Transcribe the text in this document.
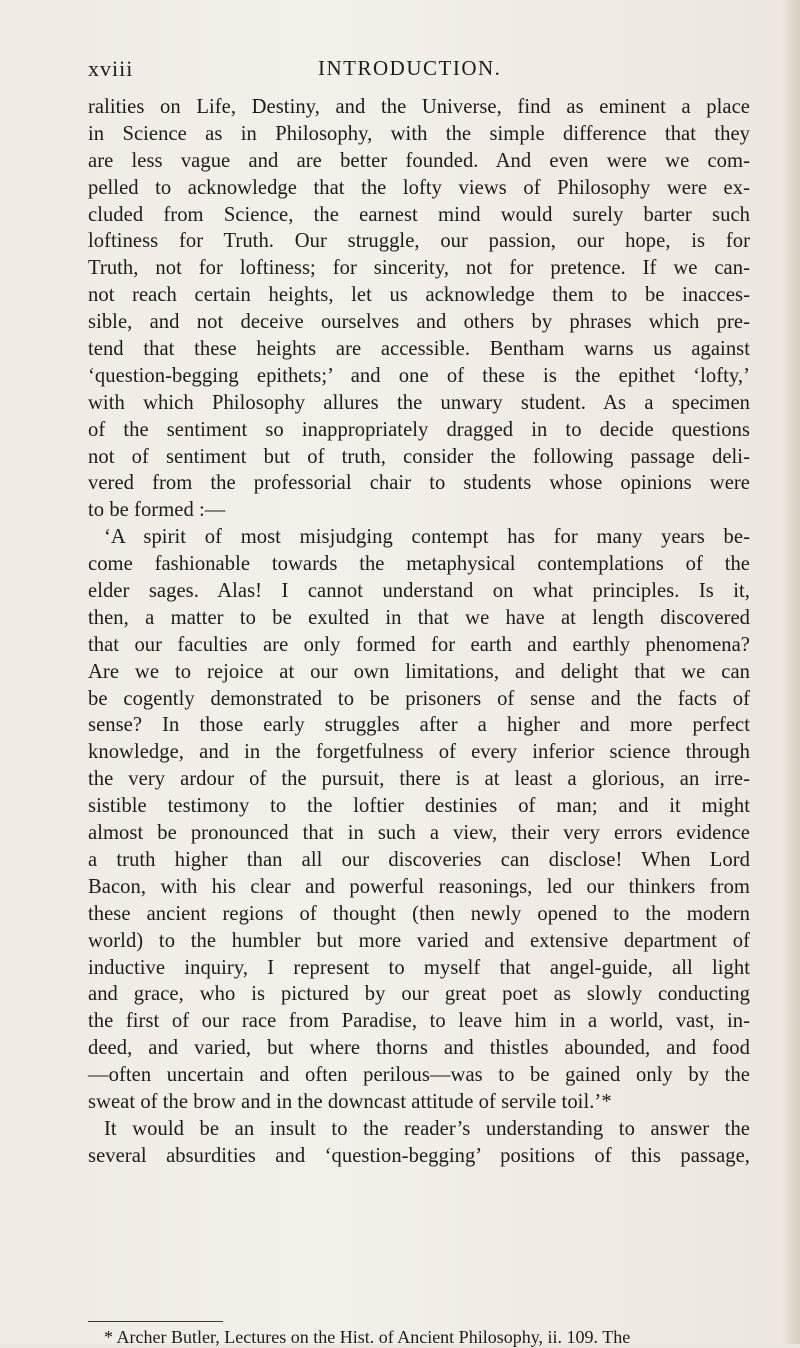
xviii	INTRODUCTION.
ralities on Life, Destiny, and the Universe, find as eminent a place
in Science as in Philosophy, with the simple difference that they
are less vague and are better founded. And even were we com-
pelled to acknowledge that the lofty views of Philosophy were ex-
cluded from Science, the earnest mind would surely barter such
loftiness for Truth. Our struggle, our passion, our hope, is for
Truth, not for loftiness; for sincerity, not for pretence. If we can-
not reach certain heights, let us acknowledge them to be inacces-
sible, and not deceive ourselves and others by phrases which pre-
tend that these heights are accessible. Bentham warns us against
‘question-begging epithets;’ and one of these is the epithet ‘lofty,’
with which Philosophy allures the unwary student. As a specimen
of the sentiment so inappropriately dragged in to decide questions
not of sentiment but of truth, consider the following passage deli-
vered from the professorial chair to students whose opinions were
to be formed :—
‘A spirit of most misjudging contempt has for many years be-
come fashionable towards the metaphysical contemplations of the
elder sages. Alas! I cannot understand on what principles. Is it,
then, a matter to be exulted in that we have at length discovered
that our faculties are only formed for earth and earthly phenomena?
Are we to rejoice at our own limitations, and delight that we can
be cogently demonstrated to be prisoners of sense and the facts of
sense? In those early struggles after a higher and more perfect
knowledge, and in the forgetfulness of every inferior science through
the very ardour of the pursuit, there is at least a glorious, an irre-
sistible testimony to the loftier destinies of man; and it might
almost be pronounced that in such a view, their very errors evidence
a truth higher than all our discoveries can disclose! When Lord
Bacon, with his clear and powerful reasonings, led our thinkers from
these ancient regions of thought (then newly opened to the modern
world) to the humbler but more varied and extensive department of
inductive inquiry, I represent to myself that angel-guide, all light
and grace, who is pictured by our great poet as slowly conducting
the first of our race from Paradise, to leave him in a world, vast, in-
deed, and varied, but where thorns and thistles abounded, and food
—often uncertain and often perilous—was to be gained only by the
sweat of the brow and in the downcast attitude of servile toil.’*
It would be an insult to the reader’s understanding to answer the
several absurdities and ‘question-begging’ positions of this passage,
* Archer Butler, Lectures on the Hist. of Ancient Philosophy, ii. 109. The
